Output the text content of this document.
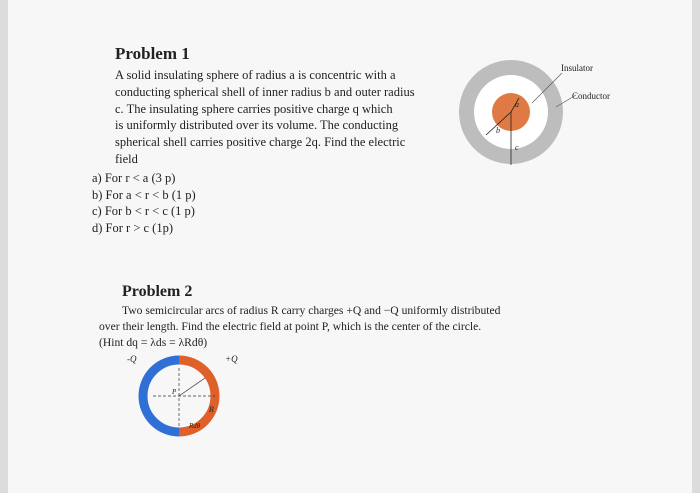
Problem 1
A solid insulating sphere of radius a is concentric with a
conducting spherical shell of inner radius b and outer radius
c. The insulating sphere carries positive charge q which
is uniformly distributed over its volume. The conducting
spherical shell carries positive charge 2q. Find the electric
field
a) For r < a (3 p)
b) For a < r < b (1 p)
c) For b < r < c (1 p)
d) For r > c (1p)
a
b
c
Insulator
Conductor
Problem 2
Two semicircular arcs of radius R carry charges +Q and −Q uniformly distributed
over their length. Find the electric field at point P, which is the center of the circle.
(Hint dq = λds = λRdθ)
-Q	+Q
P
R
Rdθ
